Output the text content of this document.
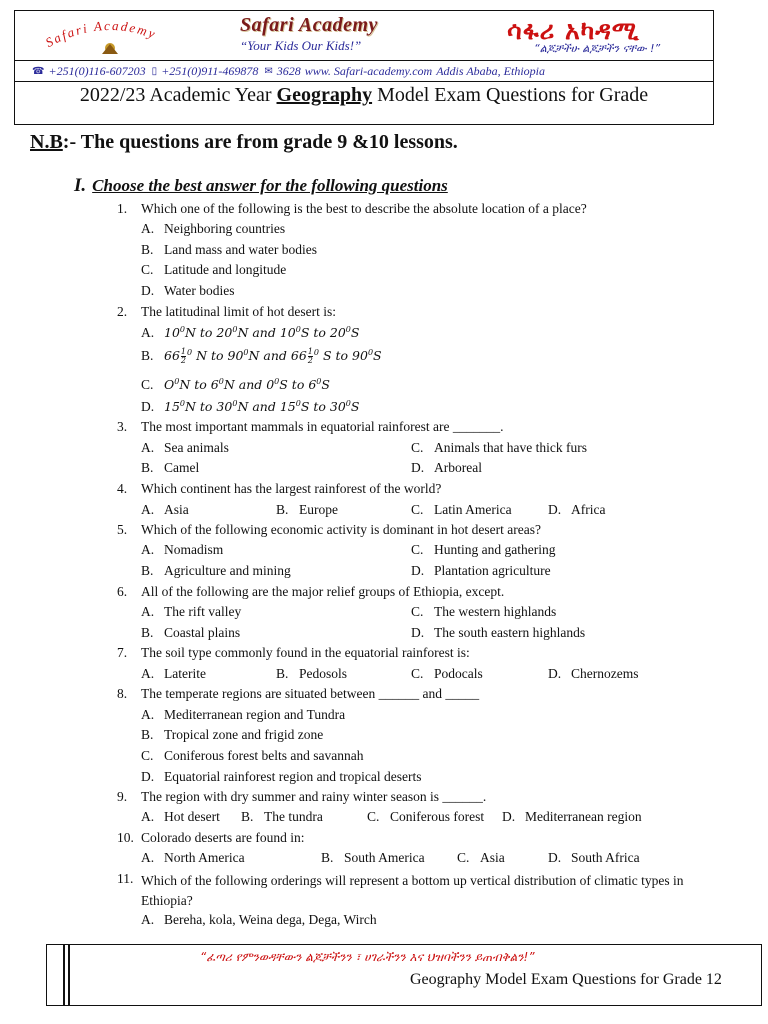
Safari Academy	Safari Academy
“Your Kids Our Kids!”
ሳፋሪ አካዳሚ
“ልጆቻችሁ ልጆቻችን ናቸው !”
☎ +251(0)116-607203 ▯ +251(0)911-469878 ✉ 3628 www. Safari-academy.com Addis Ababa, Ethiopia
2022/23 Academic Year Geography Model Exam Questions for Grade
N.B:- The questions are from grade 9 &10 lessons.
I. Choose the best answer for the following questions
1. Which one of the following is the best to describe the absolute location of a place?
A. Neighboring countries
B. Land mass and water bodies
C. Latitude and longitude
D. Water bodies
2. The latitudinal limit of hot desert is:
A. $10^0N$ to $20^0N$ and $10^0S$ to $20^0S$
B. $66 \frac{1}{2} ^0$ N to $90^0N$ and $66 \frac{1}{2} ^0$ S to $90^0S$
C. $O^0N$ to $6^0N$ and $0^0S$ to $6^0S$
D. $15^0N$ to $30^0N$ and $15^0S$ to $30^0S$
3. The most important mammals in equatorial rainforest are _______.
A. Sea animals	C. Animals that have thick furs
B. Camel	D. Arboreal
4. Which continent has the largest rainforest of the world?
A. Asia	B. Europe	C. Latin America	D. Africa
5. Which of the following economic activity is dominant in hot desert areas?
A. Nomadism	C. Hunting and gathering
B. Agriculture and mining	D. Plantation agriculture
6. All of the following are the major relief groups of Ethiopia, except.
A. The rift valley	C. The western highlands
B. Coastal plains	D. The south eastern highlands
7. The soil type commonly found in the equatorial rainforest is:
A. Laterite	B. Pedosols	C. Podocals	D. Chernozems
8. The temperate regions are situated between ______ and _____
A. Mediterranean region and Tundra
B. Tropical zone and frigid zone
C. Coniferous forest belts and savannah
D. Equatorial rainforest region and tropical deserts
9. The region with dry summer and rainy winter season is ______.
A. Hot desert B. The tundra	C. Coniferous forest D. Mediterranean region
10. Colorado deserts are found in:
A. North America	B. South America C. Asia	D. South Africa
11. Which of the following orderings will represent a bottom up vertical distribution of climatic types in Ethiopia?
A. Bereha, kola, Weina dega, Dega, Wirch
“ፈጣሪ የምንወዳቸውን ልጆቻችንን ፣ ሀገራችንን እና ህዝባችንን ይጠብቅልን!”
Geography Model Exam Questions for Grade 12
